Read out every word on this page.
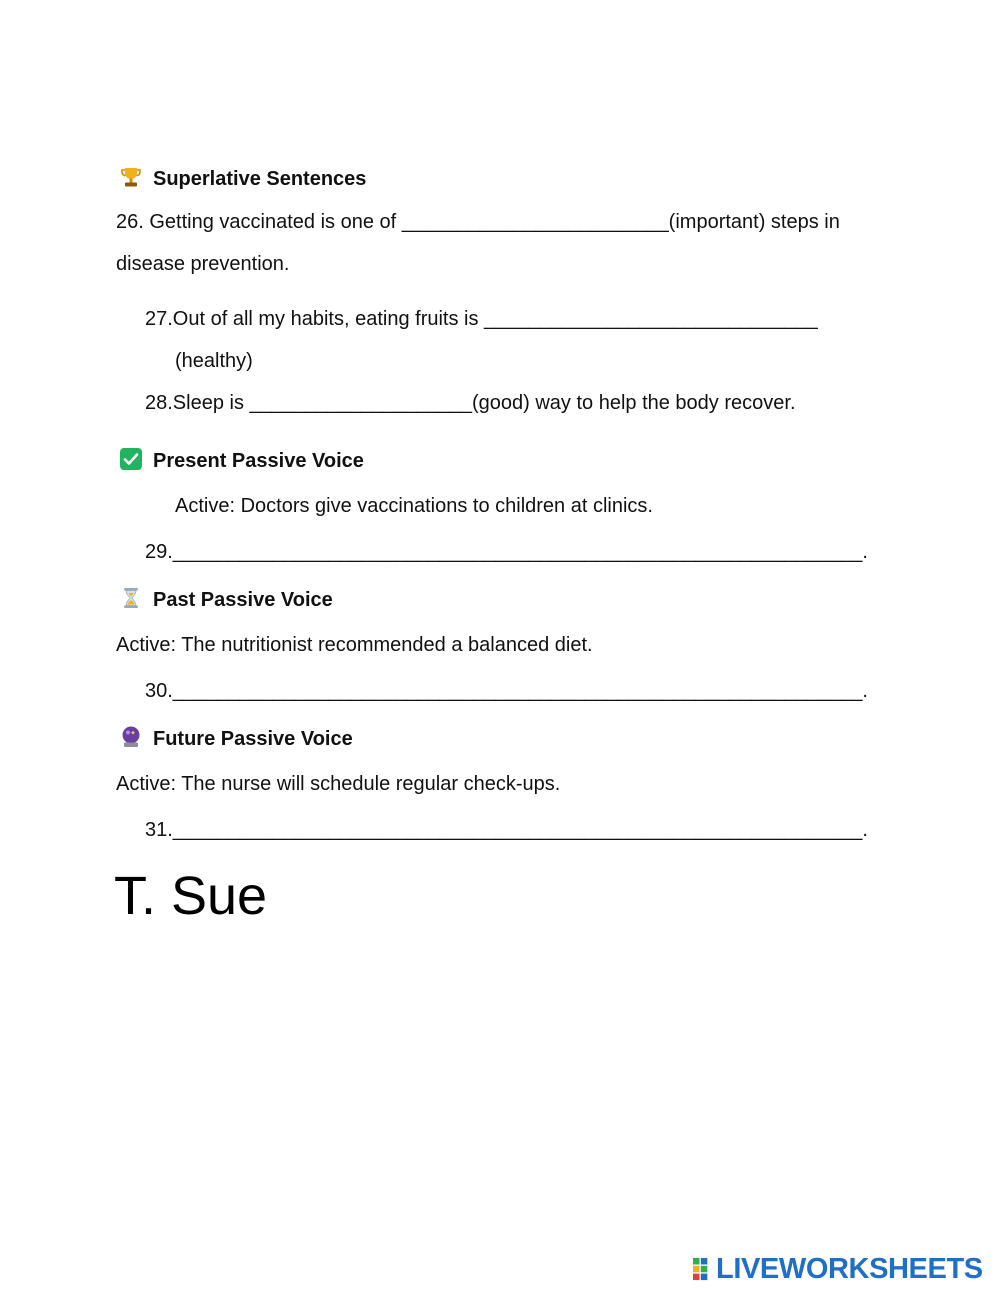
Superlative Sentences
26. Getting vaccinated is one of ________________________(important) steps in
disease prevention.
27.Out of all my habits, eating fruits is ______________________________
(healthy)
28.Sleep is ____________________(good) way to help the body recover.
Present Passive Voice
Active: Doctors give vaccinations to children at clinics.
29.______________________________________________________________.
Past Passive Voice
Active: The nutritionist recommended a balanced diet.
30.______________________________________________________________.
Future Passive Voice
Active: The nurse will schedule regular check-ups.
31.______________________________________________________________.
T. Sue
LIVEWORKSHEETS
